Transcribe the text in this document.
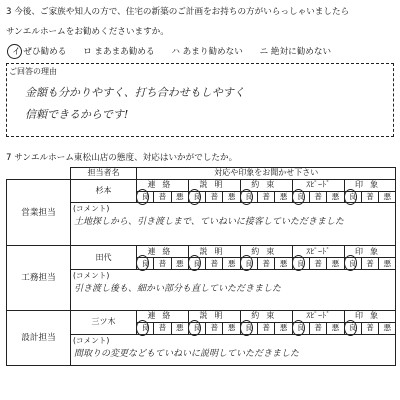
3 今後、ご家族や知人の方で、住宅の新築のご計画をお持ちの方がいらっしゃいましたら
サンエルホームをお勧めくださいますか。
イ ぜひ勧める ロ まあまあ勧める ハ あまり勧めない ニ 絶対に勧めない
ご回答の理由
金額も分かりやすく、打ち合わせもしやすく
信頼できるからです!
7 サンエルホーム東松山店の態度、対応はいかがでしたか。
	担当者名	対応や印象をお聞かせ下さい														
営業担当	杉本	連絡			説明			約束			ｽﾋﾟｰﾄﾞ			印象		
		良	普	悪	良	普	悪	良	普	悪	良	普	悪	良	普	悪

	(コメント)
土地探しから、引き渡しまで、ていねいに接客していただきました															

工務担当	田代	連絡			説明			約束			ｽﾋﾟｰﾄﾞ			印象		
		良	普	悪	良	普	悪	良	普	悪	良	普	悪	良	普	悪

	(コメント)
引き渡し後も、細かい部分も直していただきました															

設計担当	三ツ木	連絡			説明			約束			ｽﾋﾟｰﾄﾞ			印象		
		良	普	悪	良	普	悪	良	普	悪	良	普	悪	良	普	悪

	(コメント)
間取りの変更などもていねいに説明していただきました															
